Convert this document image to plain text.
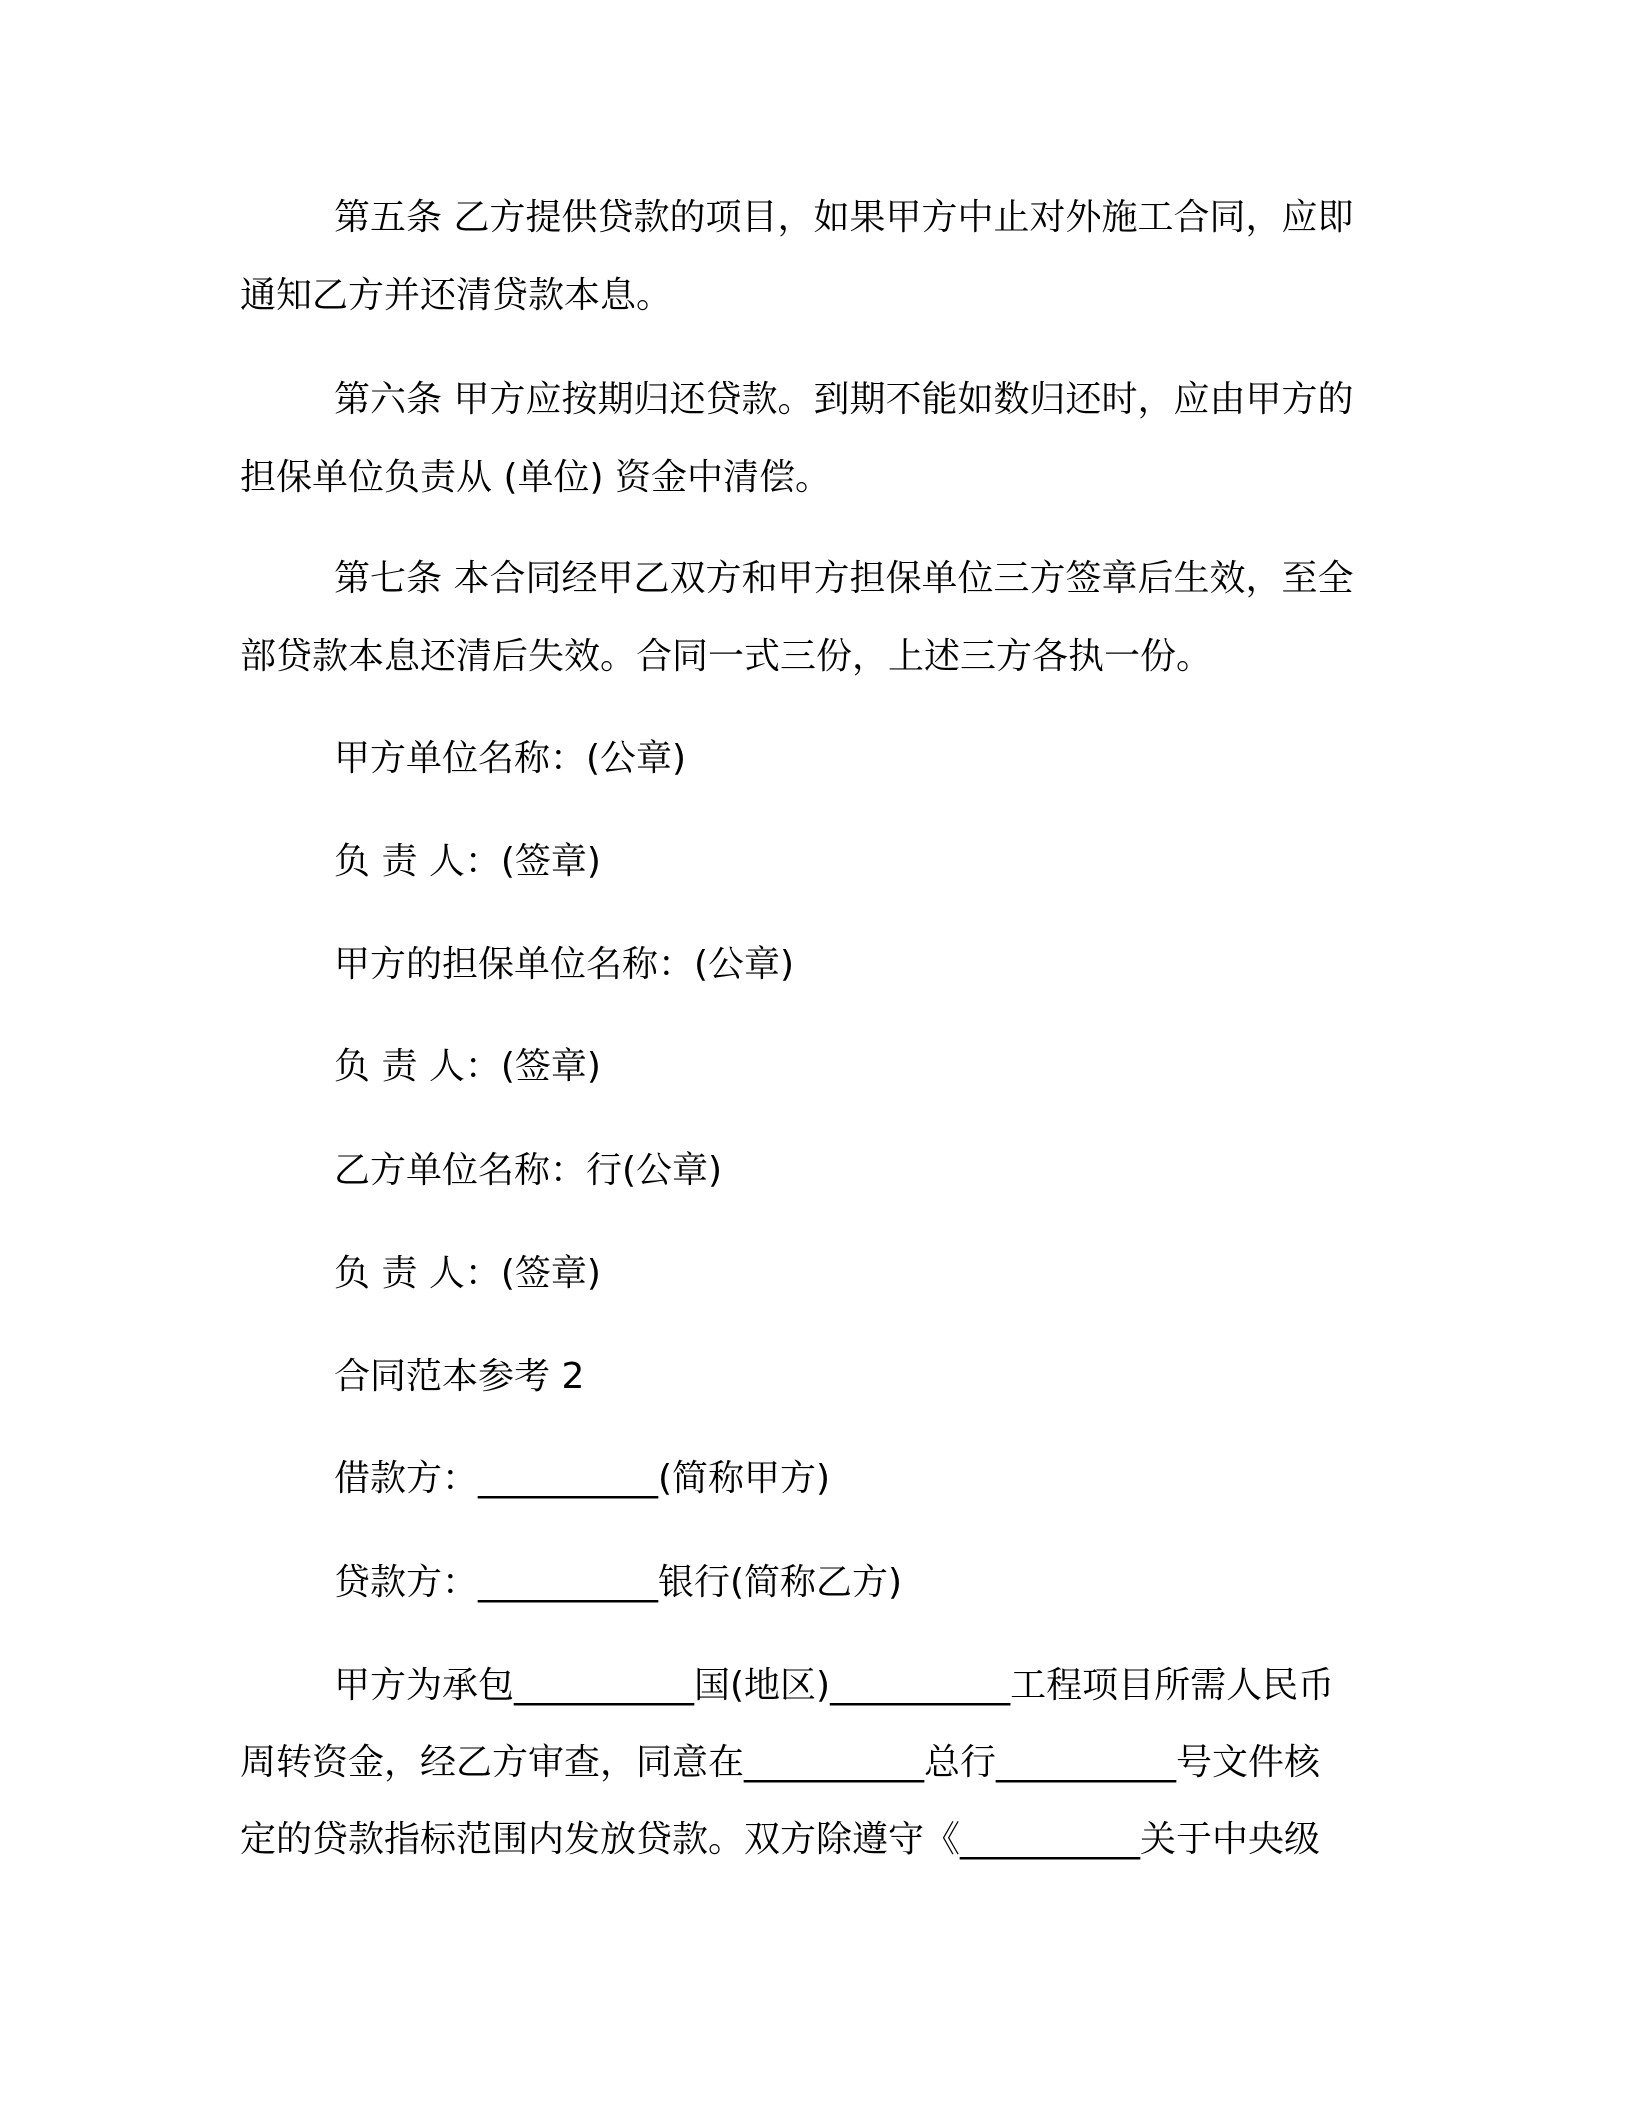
第五条 乙方提供贷款的项目，如果甲方中止对外施工合同，应即
通知乙方并还清贷款本息。
第六条 甲方应按期归还贷款。到期不能如数归还时，应由甲方的
担保单位负责从 (单位) 资金中清偿。
第七条 本合同经甲乙双方和甲方担保单位三方签章后生效，至全
部贷款本息还清后失效。合同一式三份，上述三方各执一份。
甲方单位名称：(公章)
负 责 人：(签章)
甲方的担保单位名称：(公章)
负 责 人：(签章)
乙方单位名称：行(公章)
负 责 人：(签章)
合同范本参考 2
借款方：__________(简称甲方)
贷款方：__________银行(简称乙方)
甲方为承包__________国(地区)__________工程项目所需人民币
周转资金，经乙方审查，同意在__________总行__________号文件核
定的贷款指标范围内发放贷款。双方除遵守《__________关于中央级
